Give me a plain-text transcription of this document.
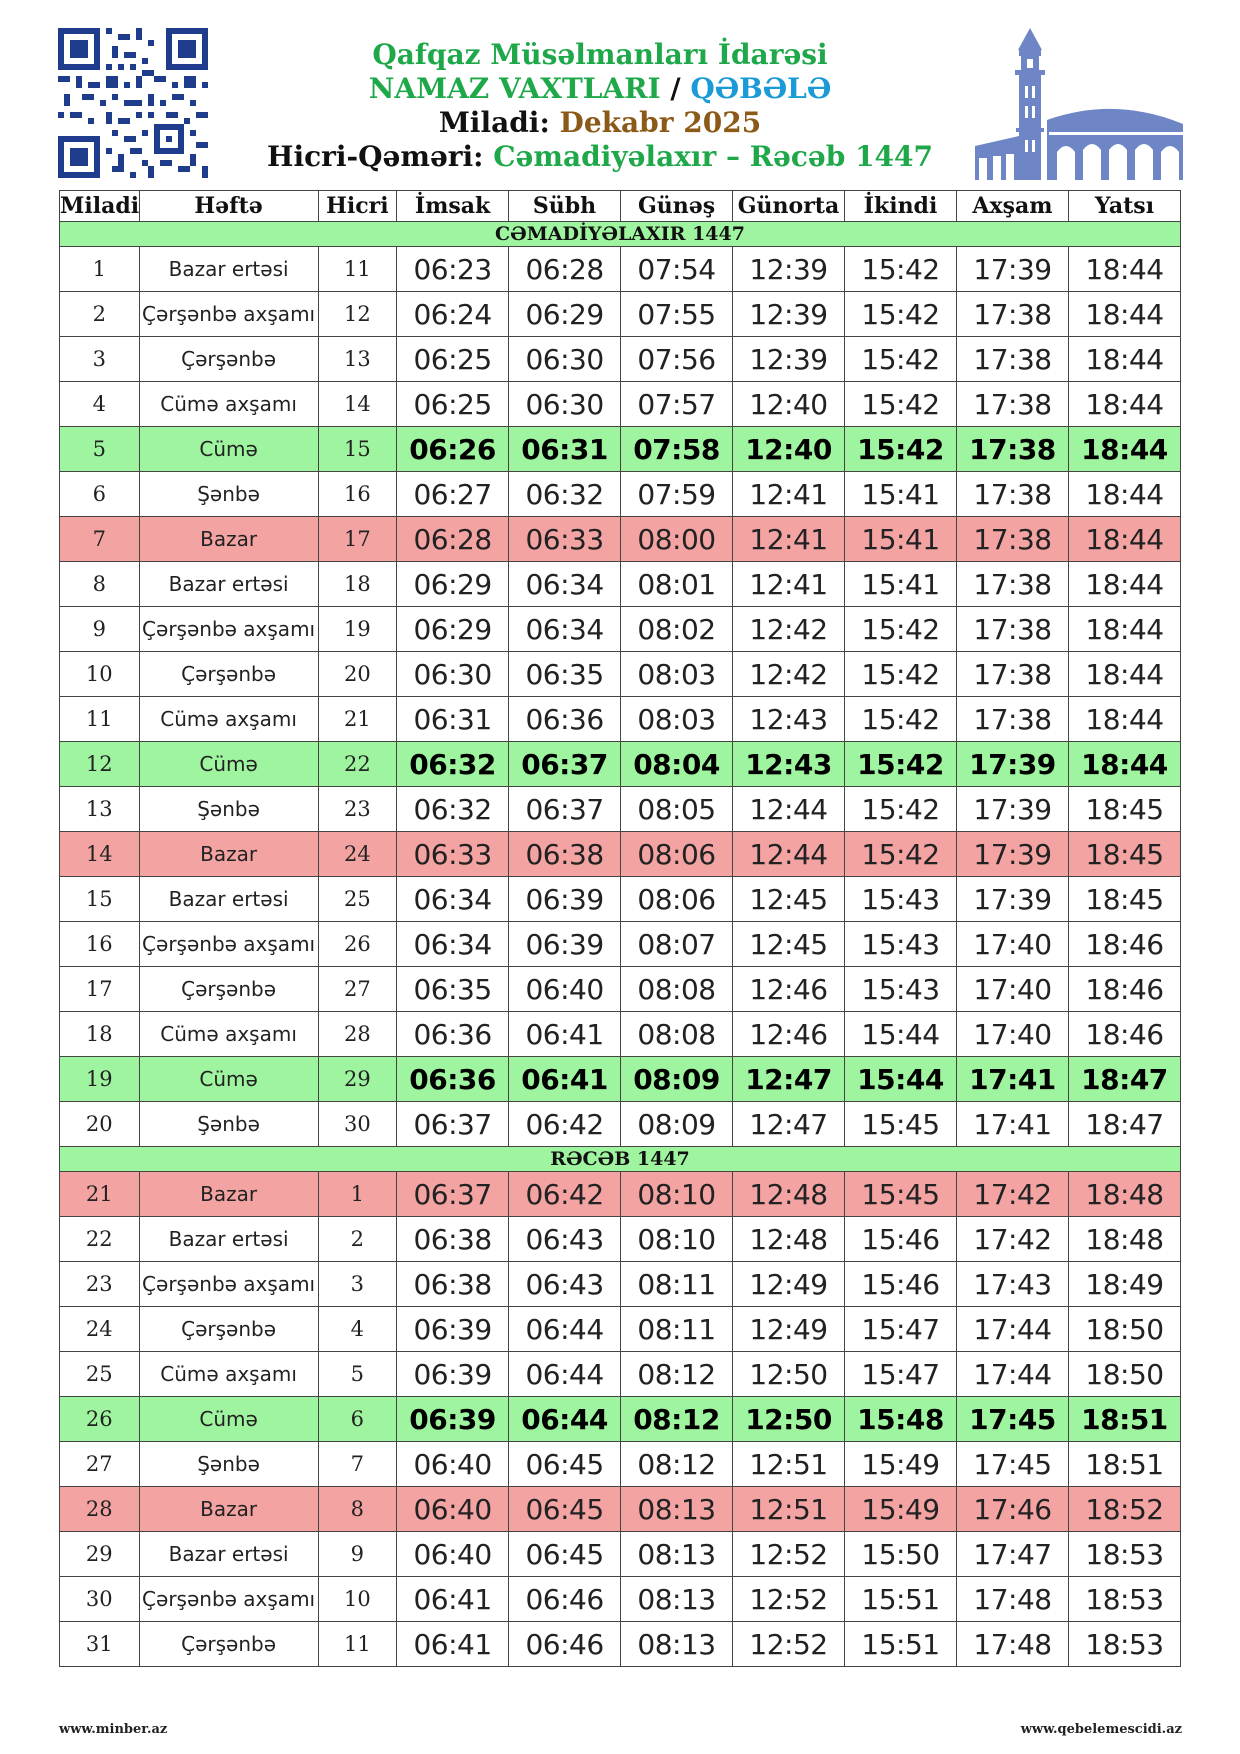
Qafqaz Müsəlmanları İdarəsi
NAMAZ VAXTLARI / QƏBƏLƏ
Miladi: Dekabr 2025
Hicri-Qəməri: Cəmadiyəlaxır – Rəcəb 1447
Miladi	Həftə	Hicri	İmsak	Sübh	Günəş	Günorta	İkindi	Axşam	Yatsı
CƏMADİYƏLAXIR 1447									
1	Bazar ertəsi	11	06:23	06:28	07:54	12:39	15:42	17:39	18:44
2	Çərşənbə axşamı	12	06:24	06:29	07:55	12:39	15:42	17:38	18:44
3	Çərşənbə	13	06:25	06:30	07:56	12:39	15:42	17:38	18:44
4	Cümə axşamı	14	06:25	06:30	07:57	12:40	15:42	17:38	18:44
5	Cümə	15	06:26	06:31	07:58	12:40	15:42	17:38	18:44
6	Şənbə	16	06:27	06:32	07:59	12:41	15:41	17:38	18:44
7	Bazar	17	06:28	06:33	08:00	12:41	15:41	17:38	18:44
8	Bazar ertəsi	18	06:29	06:34	08:01	12:41	15:41	17:38	18:44
9	Çərşənbə axşamı	19	06:29	06:34	08:02	12:42	15:42	17:38	18:44
10	Çərşənbə	20	06:30	06:35	08:03	12:42	15:42	17:38	18:44
11	Cümə axşamı	21	06:31	06:36	08:03	12:43	15:42	17:38	18:44
12	Cümə	22	06:32	06:37	08:04	12:43	15:42	17:39	18:44
13	Şənbə	23	06:32	06:37	08:05	12:44	15:42	17:39	18:45
14	Bazar	24	06:33	06:38	08:06	12:44	15:42	17:39	18:45
15	Bazar ertəsi	25	06:34	06:39	08:06	12:45	15:43	17:39	18:45
16	Çərşənbə axşamı	26	06:34	06:39	08:07	12:45	15:43	17:40	18:46
17	Çərşənbə	27	06:35	06:40	08:08	12:46	15:43	17:40	18:46
18	Cümə axşamı	28	06:36	06:41	08:08	12:46	15:44	17:40	18:46
19	Cümə	29	06:36	06:41	08:09	12:47	15:44	17:41	18:47
20	Şənbə	30	06:37	06:42	08:09	12:47	15:45	17:41	18:47
RƏCƏB 1447									
21	Bazar	1	06:37	06:42	08:10	12:48	15:45	17:42	18:48
22	Bazar ertəsi	2	06:38	06:43	08:10	12:48	15:46	17:42	18:48
23	Çərşənbə axşamı	3	06:38	06:43	08:11	12:49	15:46	17:43	18:49
24	Çərşənbə	4	06:39	06:44	08:11	12:49	15:47	17:44	18:50
25	Cümə axşamı	5	06:39	06:44	08:12	12:50	15:47	17:44	18:50
26	Cümə	6	06:39	06:44	08:12	12:50	15:48	17:45	18:51
27	Şənbə	7	06:40	06:45	08:12	12:51	15:49	17:45	18:51
28	Bazar	8	06:40	06:45	08:13	12:51	15:49	17:46	18:52
29	Bazar ertəsi	9	06:40	06:45	08:13	12:52	15:50	17:47	18:53
30	Çərşənbə axşamı	10	06:41	06:46	08:13	12:52	15:51	17:48	18:53
31	Çərşənbə	11	06:41	06:46	08:13	12:52	15:51	17:48	18:53
www.minber.az	www.qebelemescidi.az
